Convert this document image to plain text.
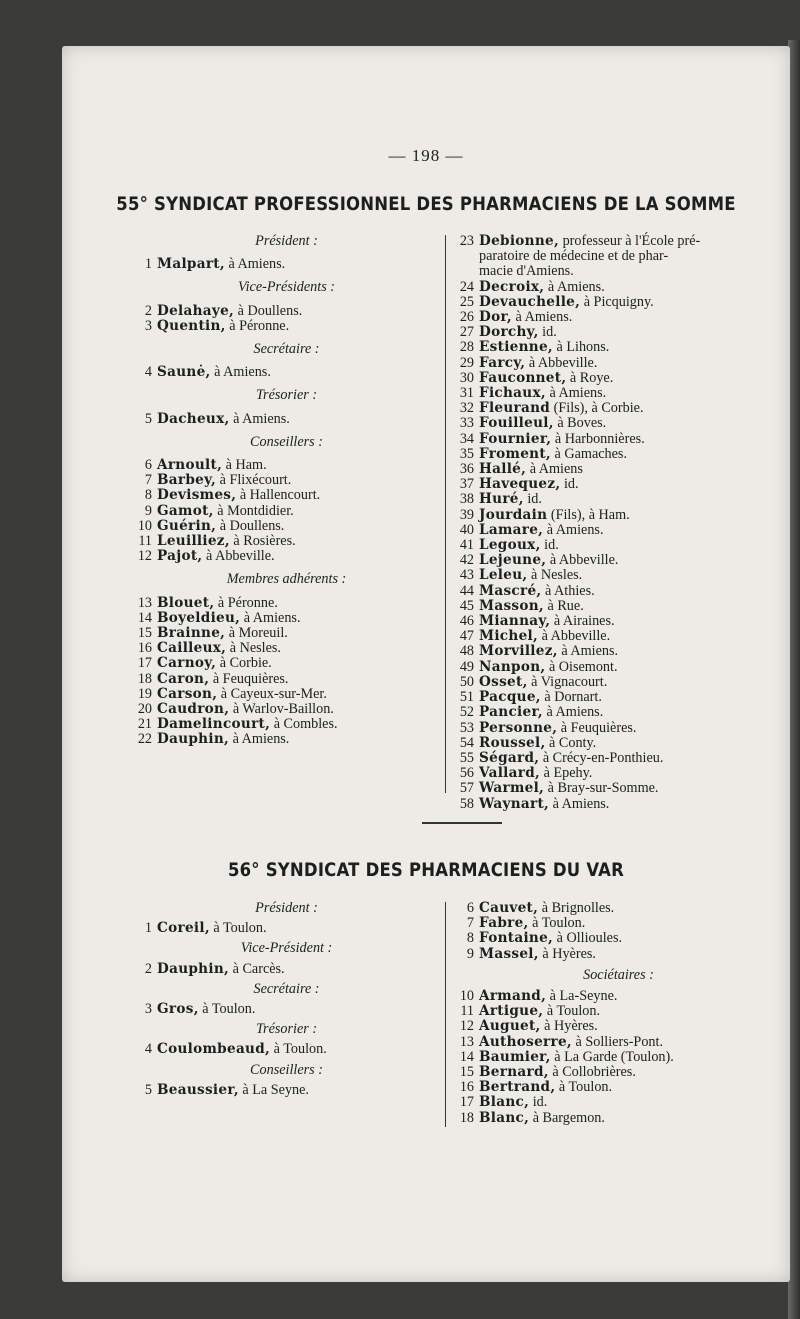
— 198 —
55° SYNDICAT PROFESSIONNEL DES PHARMACIENS DE LA SOMME

Président :

1 Malpart, à Amiens.

Vice-Présidents :

2 Delahaye, à Doullens.

3 Quentin, à Péronne.

Secrétaire :

4 Saunė, à Amiens.

Trésorier :

5 Dacheux, à Amiens.

Conseillers :

6 Arnoult, à Ham.

7 Barbey, à Flixécourt.

8 Devismes, à Hallencourt.

9 Gamot, à Montdidier.

10 Guérin, à Doullens.

11 Leuilliez, à Rosières.

12 Pajot, à Abbeville.

Membres adhérents :

13 Blouet, à Péronne.

14 Boyeldieu, à Amiens.

15 Brainne, à Moreuil.

16 Cailleux, à Nesles.

17 Carnoy, à Corbie.

18 Caron, à Feuquières.

19 Carson, à Cayeux-sur-Mer.

20 Caudron, à Warlov-Baillon.

21 Damelincourt, à Combles.

22 Dauphin, à Amiens.

23 Debionne, professeur à l'École pré-

paratoire de médecine et de phar-

macie d'Amiens.

24 Decroix, à Amiens.

25 Devauchelle, à Picquigny.

26 Dor, à Amiens.

27 Dorchy, id.

28 Estienne, à Lihons.

29 Farcy, à Abbeville.

30 Fauconnet, à Roye.

31 Fichaux, à Amiens.

32 Fleurand (Fils), à Corbie.

33 Fouilleul, à Boves.

34 Fournier, à Harbonnières.

35 Froment, à Gamaches.

36 Hallé, à Amiens

37 Havequez, id.

38 Huré, id.

39 Jourdain (Fils), à Ham.

40 Lamare, à Amiens.

41 Legoux, id.

42 Lejeune, à Abbeville.

43 Leleu, à Nesles.

44 Mascré, à Athies.

45 Masson, à Rue.

46 Miannay, à Airaines.

47 Michel, à Abbeville.

48 Morvillez, à Amiens.

49 Nanpon, à Oisemont.

50 Osset, à Vignacourt.

51 Pacque, à Dornart.

52 Pancier, à Amiens.

53 Personne, à Feuquières.

54 Roussel, à Conty.

55 Ségard, à Crécy-en-Ponthieu.

56 Vallard, à Epehy.

57 Warmel, à Bray-sur-Somme.

58 Waynart, à Amiens.

56° SYNDICAT DES PHARMACIENS DU VAR

Président :

1 Coreil, à Toulon.

Vice-Président :

2 Dauphin, à Carcès.

Secrétaire :

3 Gros, à Toulon.

Trésorier :

4 Coulombeaud, à Toulon.

Conseillers :

5 Beaussier, à La Seyne.

6 Cauvet, à Brignolles.

7 Fabre, à Toulon.

8 Fontaine, à Ollioules.

9 Massel, à Hyères.

Sociétaires :

10 Armand, à La-Seyne.

11 Artigue, à Toulon.

12 Auguet, à Hyères.

13 Authoserre, à Solliers-Pont.

14 Baumier, à La Garde (Toulon).

15 Bernard, à Collobrières.

16 Bertrand, à Toulon.

17 Blanc, id.

18 Blanc, à Bargemon.
